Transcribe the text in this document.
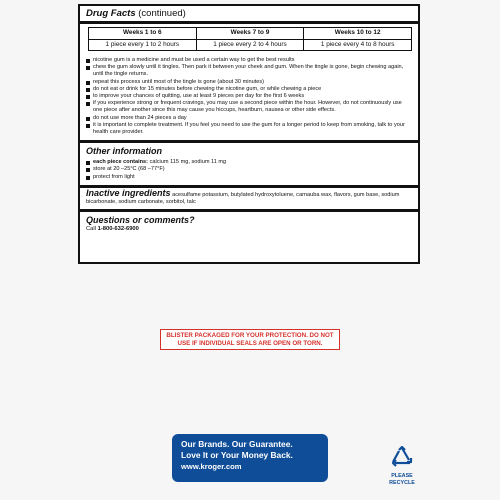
Drug Facts (continued)
Weeks 1 to 6	Weeks 7 to 9	Weeks 10 to 12
1 piece every 1 to 2 hours	1 piece every 2 to 4 hours	1 piece every 4 to 8 hours
nicotine gum is a medicine and must be used a certain way to get the best results
chew the gum slowly until it tingles. Then park it between your cheek and gum. When the tingle is gone, begin chewing again, until the tingle returns.
repeat this process until most of the tingle is gone (about 30 minutes)
do not eat or drink for 15 minutes before chewing the nicotine gum, or while chewing a piece
to improve your chances of quitting, use at least 9 pieces per day for the first 6 weeks
if you experience strong or frequent cravings, you may use a second piece within the hour. However, do not continuously use one piece after another since this may cause you hiccups, heartburn, nausea or other side effects.
do not use more than 24 pieces a day
it is important to complete treatment. If you feel you need to use the gum for a longer period to keep from smoking, talk to your health care provider.
Other information
each piece contains: calcium 115 mg, sodium 11 mg
store at 20 –25°C (68 –77°F)
protect from light
Inactive ingredients acesulfame potassium, butylated hydroxytoluene, carnauba wax, flavors, gum base, sodium bicarbonate, sodium carbonate, sorbitol, talc
Questions or comments?
Call 1-800-632-6900
BLISTER PACKAGED FOR YOUR PROTECTION. DO NOT USE IF INDIVIDUAL SEALS ARE OPEN OR TORN.
Our Brands. Our Guarantee.
Love It or Your Money Back.
www.kroger.com
PLEASE
RECYCLE
